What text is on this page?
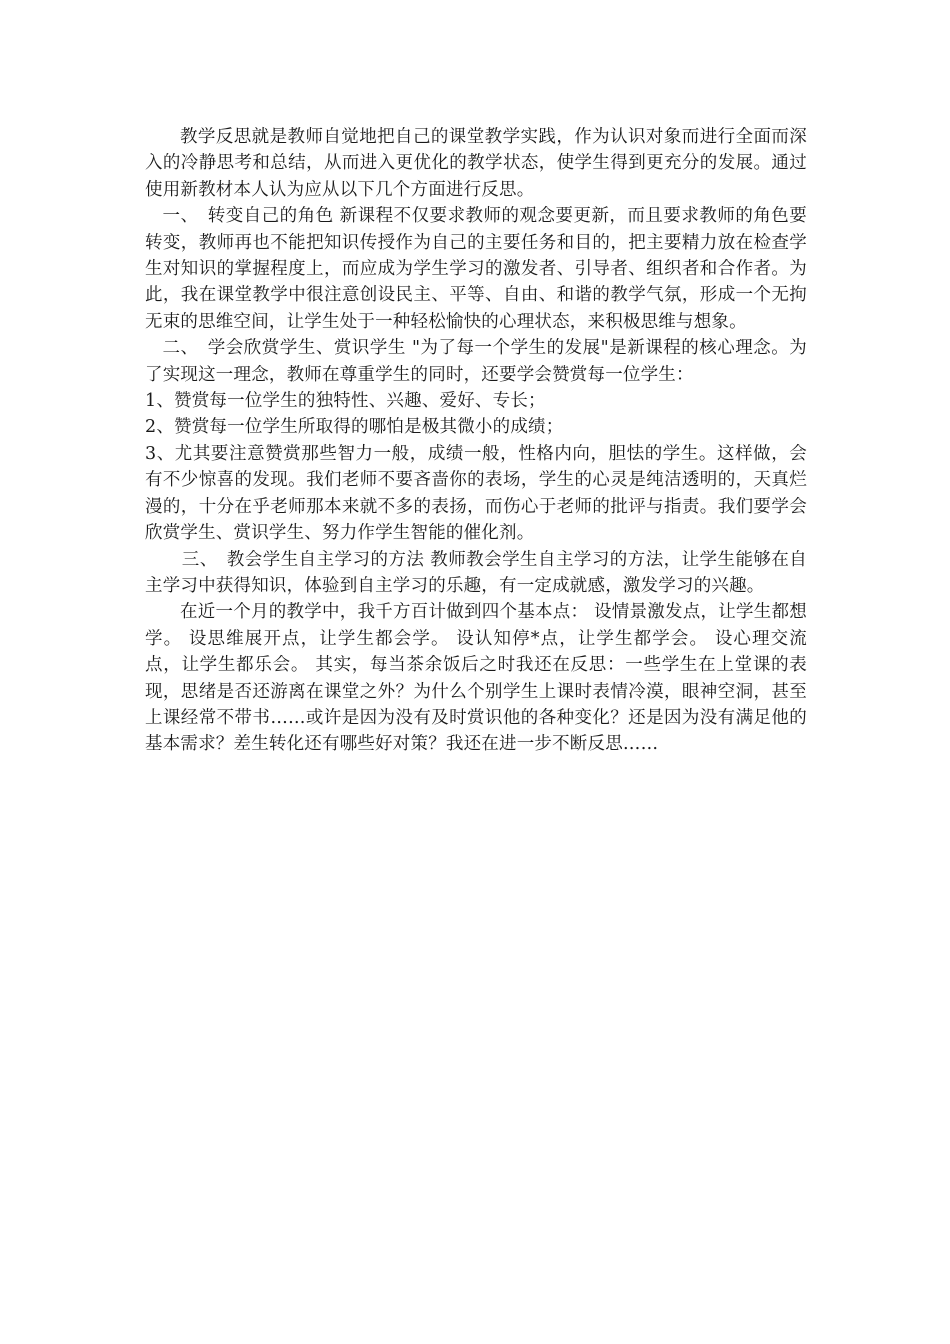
教学反思就是教师自觉地把自己的课堂教学实践，作为认识对象而进行全面而深入的冷静思考和总结，从而进入更优化的教学状态，使学生得到更充分的发展。通过使用新教材本人认为应从以下几个方面进行反思。

一、　转变自己的角色 新课程不仅要求教师的观念要更新，而且要求教师的角色要转变，教师再也不能把知识传授作为自己的主要任务和目的，把主要精力放在检查学生对知识的掌握程度上，而应成为学生学习的激发者、引导者、组织者和合作者。为此，我在课堂教学中很注意创设民主、平等、自由、和谐的教学气氛，形成一个无拘无束的思维空间，让学生处于一种轻松愉快的心理状态，来积极思维与想象。

二、　学会欣赏学生、赏识学生 "为了每一个学生的发展"是新课程的核心理念。为了实现这一理念，教师在尊重学生的同时，还要学会赞赏每一位学生：

1、赞赏每一位学生的独特性、兴趣、爱好、专长；

2、赞赏每一位学生所取得的哪怕是极其微小的成绩；

3、尤其要注意赞赏那些智力一般，成绩一般，性格内向，胆怯的学生。这样做，会有不少惊喜的发现。我们老师不要吝啬你的表场，学生的心灵是纯洁透明的，天真烂漫的，十分在乎老师那本来就不多的表扬，而伤心于老师的批评与指责。我们要学会欣赏学生、赏识学生、努力作学生智能的催化剂。

三、　教会学生自主学习的方法 教师教会学生自主学习的方法，让学生能够在自主学习中获得知识，体验到自主学习的乐趣，有一定成就感，激发学习的兴趣。

在近一个月的教学中，我千方百计做到四个基本点： 设情景激发点，让学生都想学。 设思维展开点，让学生都会学。 设认知停*点，让学生都学会。 设心理交流点，让学生都乐会。 其实，每当茶余饭后之时我还在反思：一些学生在上堂课的表现，思绪是否还游离在课堂之外？为什么个别学生上课时表情冷漠，眼神空洞，甚至上课经常不带书……或许是因为没有及时赏识他的各种变化？还是因为没有满足他的基本需求？差生转化还有哪些好对策？我还在进一步不断反思……
